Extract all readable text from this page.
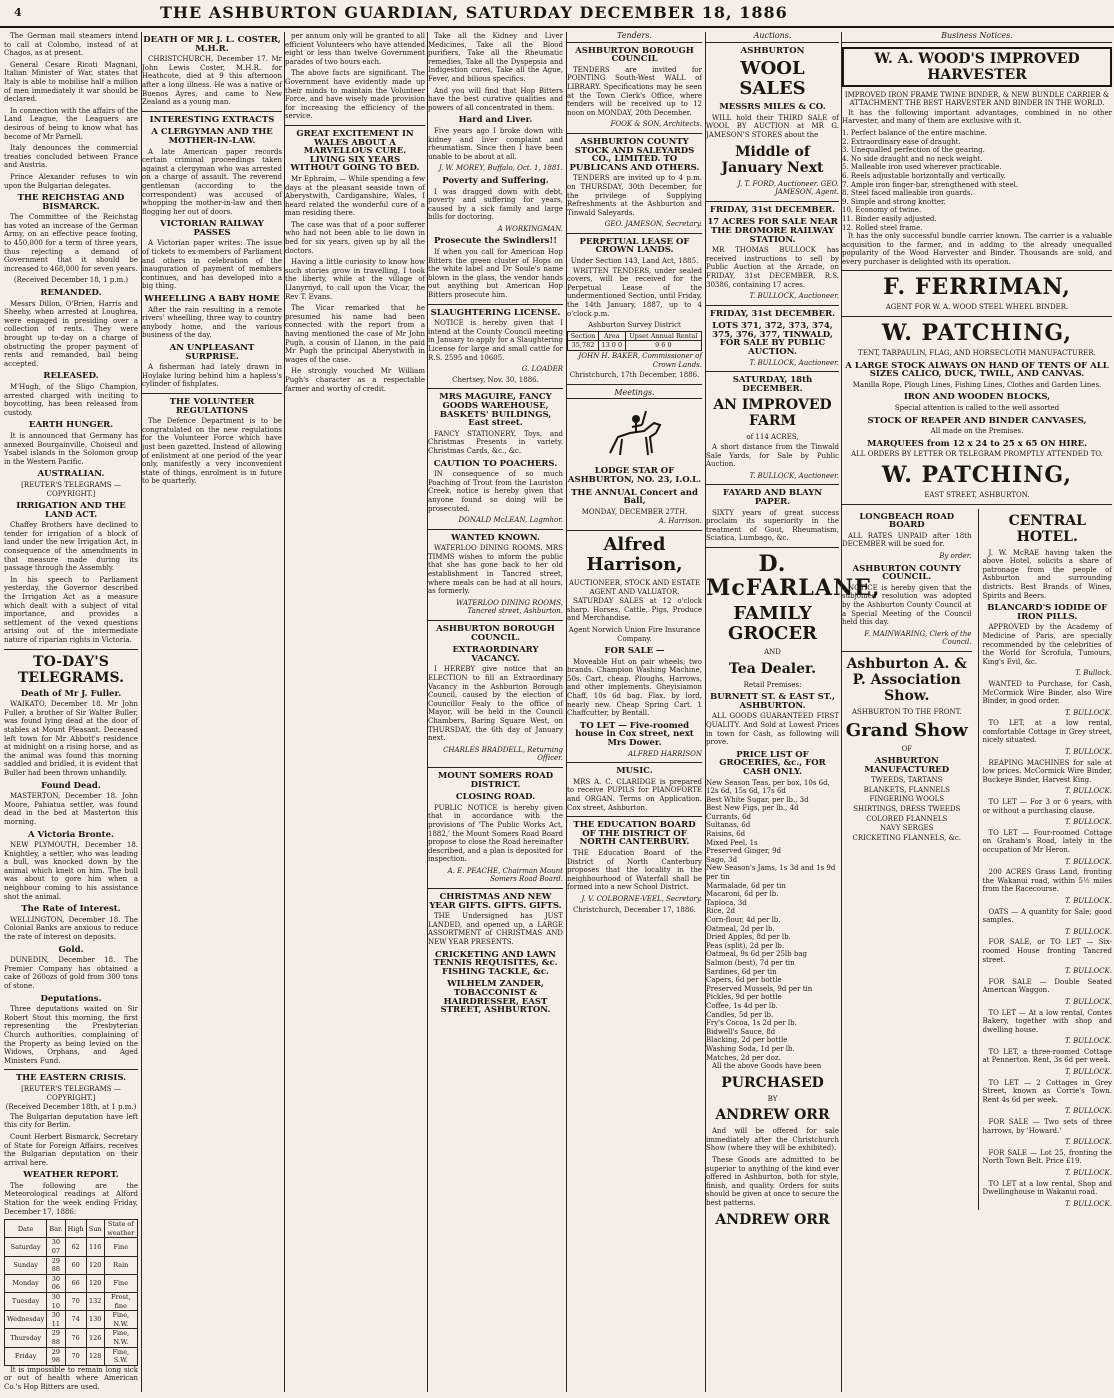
4	THE ASHBURTON GUARDIAN, SATURDAY DECEMBER 18, 1886

The German mail steamers intend to call at Colombo, instead of at Chagos, as at present.

General Cesare Ricoti Magnani, Italian Minister of War, states that Italy is able to mobilise half a million of men immediately it war should be declared.

In connection with the affairs of the Land League, the Leaguers are desirous of being to know what has become of Mr Parnell.

Italy denounces the commercial treaties concluded between France and Austria.

Prince Alexander refuses to win upon the Bulgarian delegates.

THE REICHSTAG AND BISMARCK.

The Committee of the Reichstag has voted an increase of the German Army, on an effective peace footing, to 450,000 for a term of three years, thus rejecting a demand of Government that it should be increased to 468,000 for seven years.

(Received December 18, 1 p.m.)
REMANDED.

Messrs Dillon, O'Brien, Harris and Sheehy, when arrested at Loughrea, were engaged in presiding over a collection of rents. They were brought up to-day on a charge of obstructing the proper payment of rents and remanded, bail being accepted.

RELEASED.

M'Hugh, of the Sligo Champion, arrested charged with inciting to boycotting, has been released from custody.

EARTH HUNGER.

It is announced that Germany has annexed Bourgainville, Choiseul and Ysabel islands in the Solomon group in the Western Pacific.

AUSTRALIAN.
[REUTER'S TELEGRAMS — COPYRIGHT.]
IRRIGATION AND THE LAND ACT.

Chaffey Brothers have declined to tender for irrigation of a block of land under the new Irrigation Act, in consequence of the amendments in that measure made during its passage through the Assembly.

In his speech to Parliament yesterday, the Governor described the Irrigation Act as a measure which dealt with a subject of vital importance, and provides a settlement of the vexed questions arising out of the intermediate nature of riparian rights in Victoria.

TO-DAY'S TELEGRAMS.
Death of Mr J. Fuller.

WAIKATO, December 18. Mr John Fuller, a brother of Sir Walter Buller, was found lying dead at the door of stables at Mount Pleasant. Deceased left town for Mr Abbott's residence at midnight on a rising horse, and as the animal was found this morning saddled and bridled, it is evident that Buller had been thrown unhandily.

Found Dead.

MASTERTON, December 18. John Moore, Pahiatua settler, was found dead in the bed at Masterton this morning.

A Victoria Bronte.

NEW PLYMOUTH, December 18. Knightley, a settler, who was leading a bull, was knocked down by the animal which knelt on him. The bull was about to gore him when a neighbour coming to his assistance shot the animal.

The Rate of Interest.

WELLINGTON, December 18. The Colonial Banks are anxious to reduce the rate of interest on deposits.

Gold.

DUNEDIN, December 18. The Premier Company has obtained a cake of 260ozs of gold from 300 tons of stone.

Deputations.

Three deputations waited on Sir Robert Stout this morning, the first representing the Presbyterian Church authorities, complaining of the Property as being levied on the Widows, Orphans, and Aged Ministers Fund.

THE EASTERN CRISIS.
[REUTER'S TELEGRAMS — COPYRIGHT.]
(Received December 18th, at 1 p.m.)

The Bulgarian deputation have left this city for Berlin.

Count Herbert Bismarck, Secretary of State for Foreign Affairs, receives the Bulgarian deputation on their arrival here.

WEATHER REPORT.

The following are the Meteorological readings at Alford Station for the week ending Friday, December 17, 1886:

Date	Bar.	High	Sun	State of weather
Saturday	30 07	62	116	Fine
Sunday	29 88	60	120	Rain
Monday	30 06	66	120	Fine
Tuesday	30 10	70	132	Frost, fine
Wednesday	30 11	74	130	Fine, N.W.
Thursday	29 88	76	126	Fine, N.W.
Friday	29 98	70	128	Fine, S.W.

It is impossible to remain long sick or out of health where American Co.'s Hop Bitters are used.

DEATH OF MR J. L. COSTER, M.H.R.

CHRISTCHURCH, December 17. Mr John Lewis Coster, M.H.R. for Heathcote, died at 9 this afternoon after a long illness. He was a native of Buenos Ayres, and came to New Zealand as a young man.

INTERESTING EXTRACTS
A CLERGYMAN AND THE MOTHER-IN-LAW.

A late American paper records certain criminal proceedings taken against a clergyman who was arrested on a charge of assault. The reverend gentleman (according to the correspondent) was accused of whopping the mother-in-law and then flogging her out of doors.

VICTORIAN RAILWAY PASSES

A Victorian paper writes: The issue of tickets to ex-members of Parliament and others in celebration of the inauguration of payment of members continues, and has developed into a big thing.

WHEELLING A BABY HOME

After the rain resulting in a remote rivers' wheelling, three way to country anybody home, and the various business of the day.

AN UNPLEASANT SURPRISE.

A fisherman had lately drawn in Hoylake luring behind him a hapless's cylinder of fishplates.

THE VOLUNTEER REGULATIONS

The Defence Department is to be congratulated on the new regulations for the Volunteer Force which have just been gazetted. Instead of allowing of enlistment at one period of the year only, manifestly a very inconvenient state of things, enrolment is in future to be quarterly.

per annum only will be granted to all efficient Volunteers who have attended eight or less than twelve Government parades of two hours each.

The above facts are significant. The Government have evidently made up their minds to maintain the Volunteer Force, and have wisely made provision for increasing the efficiency of the service.

GREAT EXCITEMENT IN WALES ABOUT A MARVELLOUS CURE. LIVING SIX YEARS WITHOUT GOING TO BED.

Mr Ephraim, — While spending a few days at the pleasant seaside town of Aberystwith, Cardiganshire, Wales, I heard related the wonderful cure of a man residing there.

The case was that of a poor sufferer who had not been able to lie down in bed for six years, given up by all the doctors.

Having a little curiosity to know how such stories grow in travelling, I took the liberty, while at the village of Llanyrnyd, to call upon the Vicar, the Rev T. Evans.

The Vicar remarked that he presumed his name had been connected with the report from a having mentioned the case of Mr John Pugh, a cousin of Llanon, in the paid Mr Pugh the principal Aberystwith in wages of the case.

He strongly vouched Mr William Pugh's character as a respectable farmer and worthy of credit.

Take all the Kidney and Liver Medicines, Take all the Blood purifiers, Take all the Rheumatic remedies, Take all the Dyspepsia and Indigestion cures, Take all the Ague, Fever, and bilious specifics.

And you will find that Hop Bitters have the best curative qualities and powers of all concentrated in them.

Hard and Liver.

Five years ago I broke down with kidney and liver complaint and rheumatism. Since then I have been unable to be about at all.

J. W. MOREY, Buffalo, Oct. 1, 1881.
Poverty and Suffering.

I was dragged down with debt, poverty and suffering for years, caused by a sick family and large bills for doctoring.

A WORKINGMAN.
Prosecute the Swindlers!!

If when you call for American Hop Bitters the green cluster of Hops on the white label and Dr Soule's name blown in the glass, the vendor hands out anything but American Hop Bitters prosecute him.

SLAUGHTERING LICENSE.

NOTICE is hereby given that I intend at the County Council meeting in January to apply for a Slaughtering License for large and small cattle for R.S. 2595 and 10605.

G. LOADER
Chertsey, Nov. 30, 1886.
MRS MAGUIRE, FANCY GOODS WAREHOUSE, BASKETS' BUILDINGS, East street.

FANCY STATIONERY, Toys, and Christmas Presents in variety. Christmas Cards, &c., &c.

CAUTION TO POACHERS.

IN consequence of so much Poaching of Trout from the Lauriston Creek, notice is hereby given that anyone found so doing will be prosecuted.

DONALD McLEAN, Lagmhor.
WANTED KNOWN.

WATERLOO DINING ROOMS. MRS TIMMS wishes to inform the public that she has gone back to her old establishment in Tancred street, where meals can be had at all hours, as formerly.

WATERLOO DINING ROOMS, Tancred street, Ashburton.
ASHBURTON BOROUGH COUNCIL.
EXTRAORDINARY VACANCY.

I HEREBY give notice that an ELECTION to fill an Extraordinary Vacancy in the Ashburton Borough Council, caused by the election of Councillor Fealy to the office of Mayor, will be held in the Council Chambers, Baring Square West, on THURSDAY, the 6th day of January next.

CHARLES BRADDELL, Returning Officer.
MOUNT SOMERS ROAD DISTRICT.
CLOSING ROAD.

PUBLIC NOTICE is hereby given that in accordance with the provisions of 'The Public Works Act, 1882,' the Mount Somers Road Board propose to close the Road hereinafter described, and a plan is deposited for inspection.

A. E. PEACHE, Chairman Mount Somers Road Board.
CHRISTMAS AND NEW YEAR GIFTS. GIFTS. GIFTS.

THE Undersigned has JUST LANDED, and opened up, a LARGE ASSORTMENT of CHRISTMAS AND NEW YEAR PRESENTS.

CRICKETING AND LAWN TENNIS REQUISITES, &c. FISHING TACKLE, &c.
WILHELM ZANDER, TOBACCONIST & HAIRDRESSER, EAST STREET, ASHBURTON.
Tenders.
ASHBURTON BOROUGH COUNCIL

TENDERS are invited for POINTING South-West WALL of LIBRARY. Specifications may be seen at the Town Clerk's Office, where tenders will be received up to 12 noon on MONDAY, 20th December.

FOOK & SON, Architects.
ASHBURTON COUNTY STOCK AND SALEYARDS CO., LIMITED. TO PUBLICANS AND OTHERS.

TENDERS are invited up to 4 p.m. on THURSDAY, 30th December, for the privilege of Supplying Refreshments at the Ashburton and Tinwald Saleyards.

GEO. JAMESON, Secretary.
PERPETUAL LEASE OF CROWN LANDS.
Under Section 143, Land Act, 1885.

WRITTEN TENDERS, under sealed covers, will be received for the Perpetual Lease of the undermentioned Section, until Friday, the 14th January, 1887, up to 4 o'clock p.m.

Ashburton Survey District
Section	Area	Upset Annual Rental
35,782	13 0 0	9 6 0
JOHN H. BAKER, Commissioner of Crown Lands.
Christchurch, 17th December, 1886.
Meetings.
LODGE STAR OF ASHBURTON, NO. 23, I.O.L.
THE ANNUAL Concert and Ball,
MONDAY, DECEMBER 27TH.
A. Harrison.
Alfred Harrison,
AUCTIONEER, STOCK AND ESTATE AGENT AND VALUATOR.

SATURDAY SALES at 12 o'clock sharp. Horses, Cattle, Pigs, Produce and Merchandise.

Agent Norwich Union Fire Insurance Company.
FOR SALE —

Moveable Hut on pair wheels; two brands. Champion Washing Machine, 50s. Cart, cheap. Ploughs, Harrows, and other implements. Gheyisiamon Chaff, 10s 6d bag. Flax, by lord, nearly new. Cheap Spring Cart. 1 Chaffcutter, by Bentall.

TO LET — Five-roomed house in Cox street, next Mrs Dower.
ALFRED HARRISON
MUSIC.

MRS A. C. CLARIDGE is prepared to receive PUPILS for PIANOFORTE and ORGAN. Terms on Application. Cox street, Ashburton.

THE EDUCATION BOARD OF THE DISTRICT OF NORTH CANTERBURY.

THE Education Board of the District of North Canterbury proposes that the locality in the neighbourhood of Waterfall shall be formed into a new School District.

J. V. COLBORNE-VEEL, Secretary.
Christchurch, December 17, 1886.
Auctions.
ASHBURTON
WOOL SALES
MESSRS MILES & CO.

WILL hold their THIRD SALE of WOOL BY AUCTION at MR G. JAMESON'S STORES about the

Middle of January Next
J. T. FORD, Auctioneer. GEO. JAMESON, Agent.
FRIDAY, 31st DECEMBER.
17 ACRES FOR SALE NEAR THE DROMORE RAILWAY STATION.

MR THOMAS BULLOCK has received instructions to sell by Public Auction at the Arcade, on FRIDAY, 31st DECEMBER, R.S. 30386, containing 17 acres.

T. BULLOCK, Auctioneer.
FRIDAY, 31st DECEMBER.
LOTS 371, 372, 373, 374, 375, 376, 377, TINWALD, FOR SALE BY PUBLIC AUCTION.
T. BULLOCK, Auctioneer.
SATURDAY, 18th DECEMBER.
AN IMPROVED FARM
of 114 ACRES,

A short distance from the Tinwald Sale Yards, for Sale by Public Auction.

T. BULLOCK, Auctioneer.
FAYARD AND BLAYN PAPER.

SIXTY years of great success proclaim its superiority in the treatment of Gout, Rheumatism, Sciatica, Lumbago, &c.

D. McFARLANE,
FAMILY GROCER
AND
Tea Dealer.
Retail Premises:
BURNETT ST. & EAST ST., ASHBURTON.

ALL GOODS GUARANTEED FIRST QUALITY. And Sold at Lowest Prices in town for Cash, as following will prove.

PRICE LIST OF GROCERIES, &c., FOR CASH ONLY.
New Season Teas, per box, 10s 6d, 12s 6d, 15s 6d, 17s 6d
Best White Sugar, per lb., 3d
Best New Figs, per lb., 4d
Currants, 6d
Sultanas, 6d
Raisins, 6d
Mixed Peel, 1s
Preserved Ginger, 9d
Sago, 3d
New Season's Jams, 1s 3d and 1s 9d per tin
Marmalade, 6d per tin
Macaroni, 6d per lb.
Tapioca, 3d
Rice, 2d
Corn-flour, 4d per lb.
Oatmeal, 2d per lb.
Dried Apples, 8d per lb.
Peas (split), 2d per lb.
Oatmeal, 9s 6d per 25lb bag
Salmon (best), 7d per tin
Sardines, 6d per tin
Capers, 6d per bottle
Preserved Mussels, 9d per tin
Pickles, 9d per bottle
Coffee, 1s 4d per lb.
Candles, 5d per lb.
Fry's Cocoa, 1s 2d per lb.
Bidwell's Sauce, 8d
Blacking, 2d per bottle
Washing Soda, 1d per lb.
Matches, 2d per doz.

All the above Goods have been

PURCHASED
BY
ANDREW ORR

And will be offered for sale immediately after the Christchurch Show (where they will be exhibited).

These Goods are admitted to be superior to anything of the kind ever offered in Ashburton, both for style, finish, and quality. Orders for suits should be given at once to secure the best patterns.

ANDREW ORR
Business Notices.
W. A. WOOD'S IMPROVED HARVESTER
IMPROVED IRON FRAME TWINE BINDER, & NEW BUNDLE CARRIER & ATTACHMENT THE BEST HARVESTER AND BINDER IN THE WORLD.

It has the following important advantages, combined in no other Harvester, and many of them are exclusive with it.

1. Perfect balance of the entire machine.
2. Extraordinary ease of draught.
3. Unequalled perfection of the gearing.
4. No side draught and no neck weight.
5. Malleable iron used wherever practicable.
6. Reels adjustable horizontally and vertically.
7. Ample iron finger-bar, strengthened with steel.
8. Steel faced malleable iron guards.
9. Simple and strong knotter.
10. Economy of twine.
11. Binder easily adjusted.
12. Rolled steel frame.

It has the only successful bundle carrier known. The carrier is a valuable acquisition to the farmer, and in adding to the already unequalled popularity of the Wood Harvester and Binder. Thousands are sold, and every purchaser is delighted with its operation.

F. FERRIMAN,
AGENT FOR W. A. WOOD STEEL WHEEL BINDER.
W. PATCHING,
TENT, TARPAULIN, FLAG, AND HORSECLOTH MANUFACTURER.
A LARGE STOCK ALWAYS ON HAND OF TENTS OF ALL SIZES CALICO, DUCK, TWILL, AND CANVAS.
Manilla Rope, Plough Lines, Fishing Lines, Clothes and Garden Lines.
IRON AND WOODEN BLOCKS,
Special attention is called to the well assorted
STOCK OF REAPER AND BINDER CANVASES,
All made on the Premises.
MARQUEES from 12 x 24 to 25 x 65 ON HIRE.
ALL ORDERS BY LETTER OR TELEGRAM PROMPTLY ATTENDED TO.
W. PATCHING,
EAST STREET, ASHBURTON.
LONGBEACH ROAD BOARD

ALL RATES UNPAID after 18th DECEMBER will be sued for.

By order.
ASHBURTON COUNTY COUNCIL.

NOTICE is hereby given that the subjoined resolution was adopted by the Ashburton County Council at a Special Meeting of the Council held this day.

F. MAINWARING, Clerk of the Council.
Ashburton A. & P. Association Show.
ASHBURTON TO THE FRONT.
Grand Show
OF
ASHBURTON MANUFACTURED
TWEEDS, TARTANS
BLANKETS, FLANNELS
FINGERING WOOLS
SHIRTINGS, DRESS TWEEDS
COLORED FLANNELS
NAVY SERGES
CRICKETING FLANNELS, &c.
CENTRAL HOTEL.

J. W. McRAE having taken the above Hotel, solicits a share of patronage from the people of Ashburton and surrounding districts. Best Brands of Wines, Spirits and Beers.

BLANCARD'S IODIDE OF IRON PILLS.

APPROVED by the Academy of Medicine of Paris, are specially recommended by the celebrities of the World for Scrofula, Tumours, King's Evil, &c.

T. Bullock.

WANTED to Purchase, for Cash, McCormick Wire Binder, also Wire Binder, in good order.

T. BULLOCK.

TO LET, at a low rental, comfortable Cottage in Grey street, nicely situated.

T. BULLOCK.

REAPING MACHINES for sale at low prices. McCormick Wire Binder, Buckeye Binder, Harvest King.

T. BULLOCK.

TO LET — For 3 or 6 years, with or without a purchasing clause.

T. BULLOCK.

TO LET — Four-roomed Cottage on Graham's Road, lately in the occupation of Mr Heron.

T. BULLOCK.

200 ACRES Grass Land, fronting the Wakanui road, within 5½ miles from the Racecourse.

T. BULLOCK.

OATS — A quantity for Sale; good samples.

T. BULLOCK.

FOR SALE, or TO LET — Six-roomed House fronting Tancred street.

T. BULLOCK.

FOR SALE — Double Seated American Waggon.

T. BULLOCK.

TO LET — At a low rental, Contes Bakery, together with shop and dwelling house.

T. BULLOCK.

TO LET, a three-roomed Cottage at Pennerton. Rent, 3s 6d per week.

T. BULLOCK.

TO LET — 2 Cottages in Grey Street, known as Corrie's Town. Rent 4s 6d per week.

T. BULLOCK.

FOR SALE — Two sets of three harrows, by 'Howard.'

T. BULLOCK.

FOR SALE — Lot 25, fronting the North Town Belt. Price £19.

T. BULLOCK.

TO LET at a low rental, Shop and Dwellinghouse in Wakanui road.

T. BULLOCK.
